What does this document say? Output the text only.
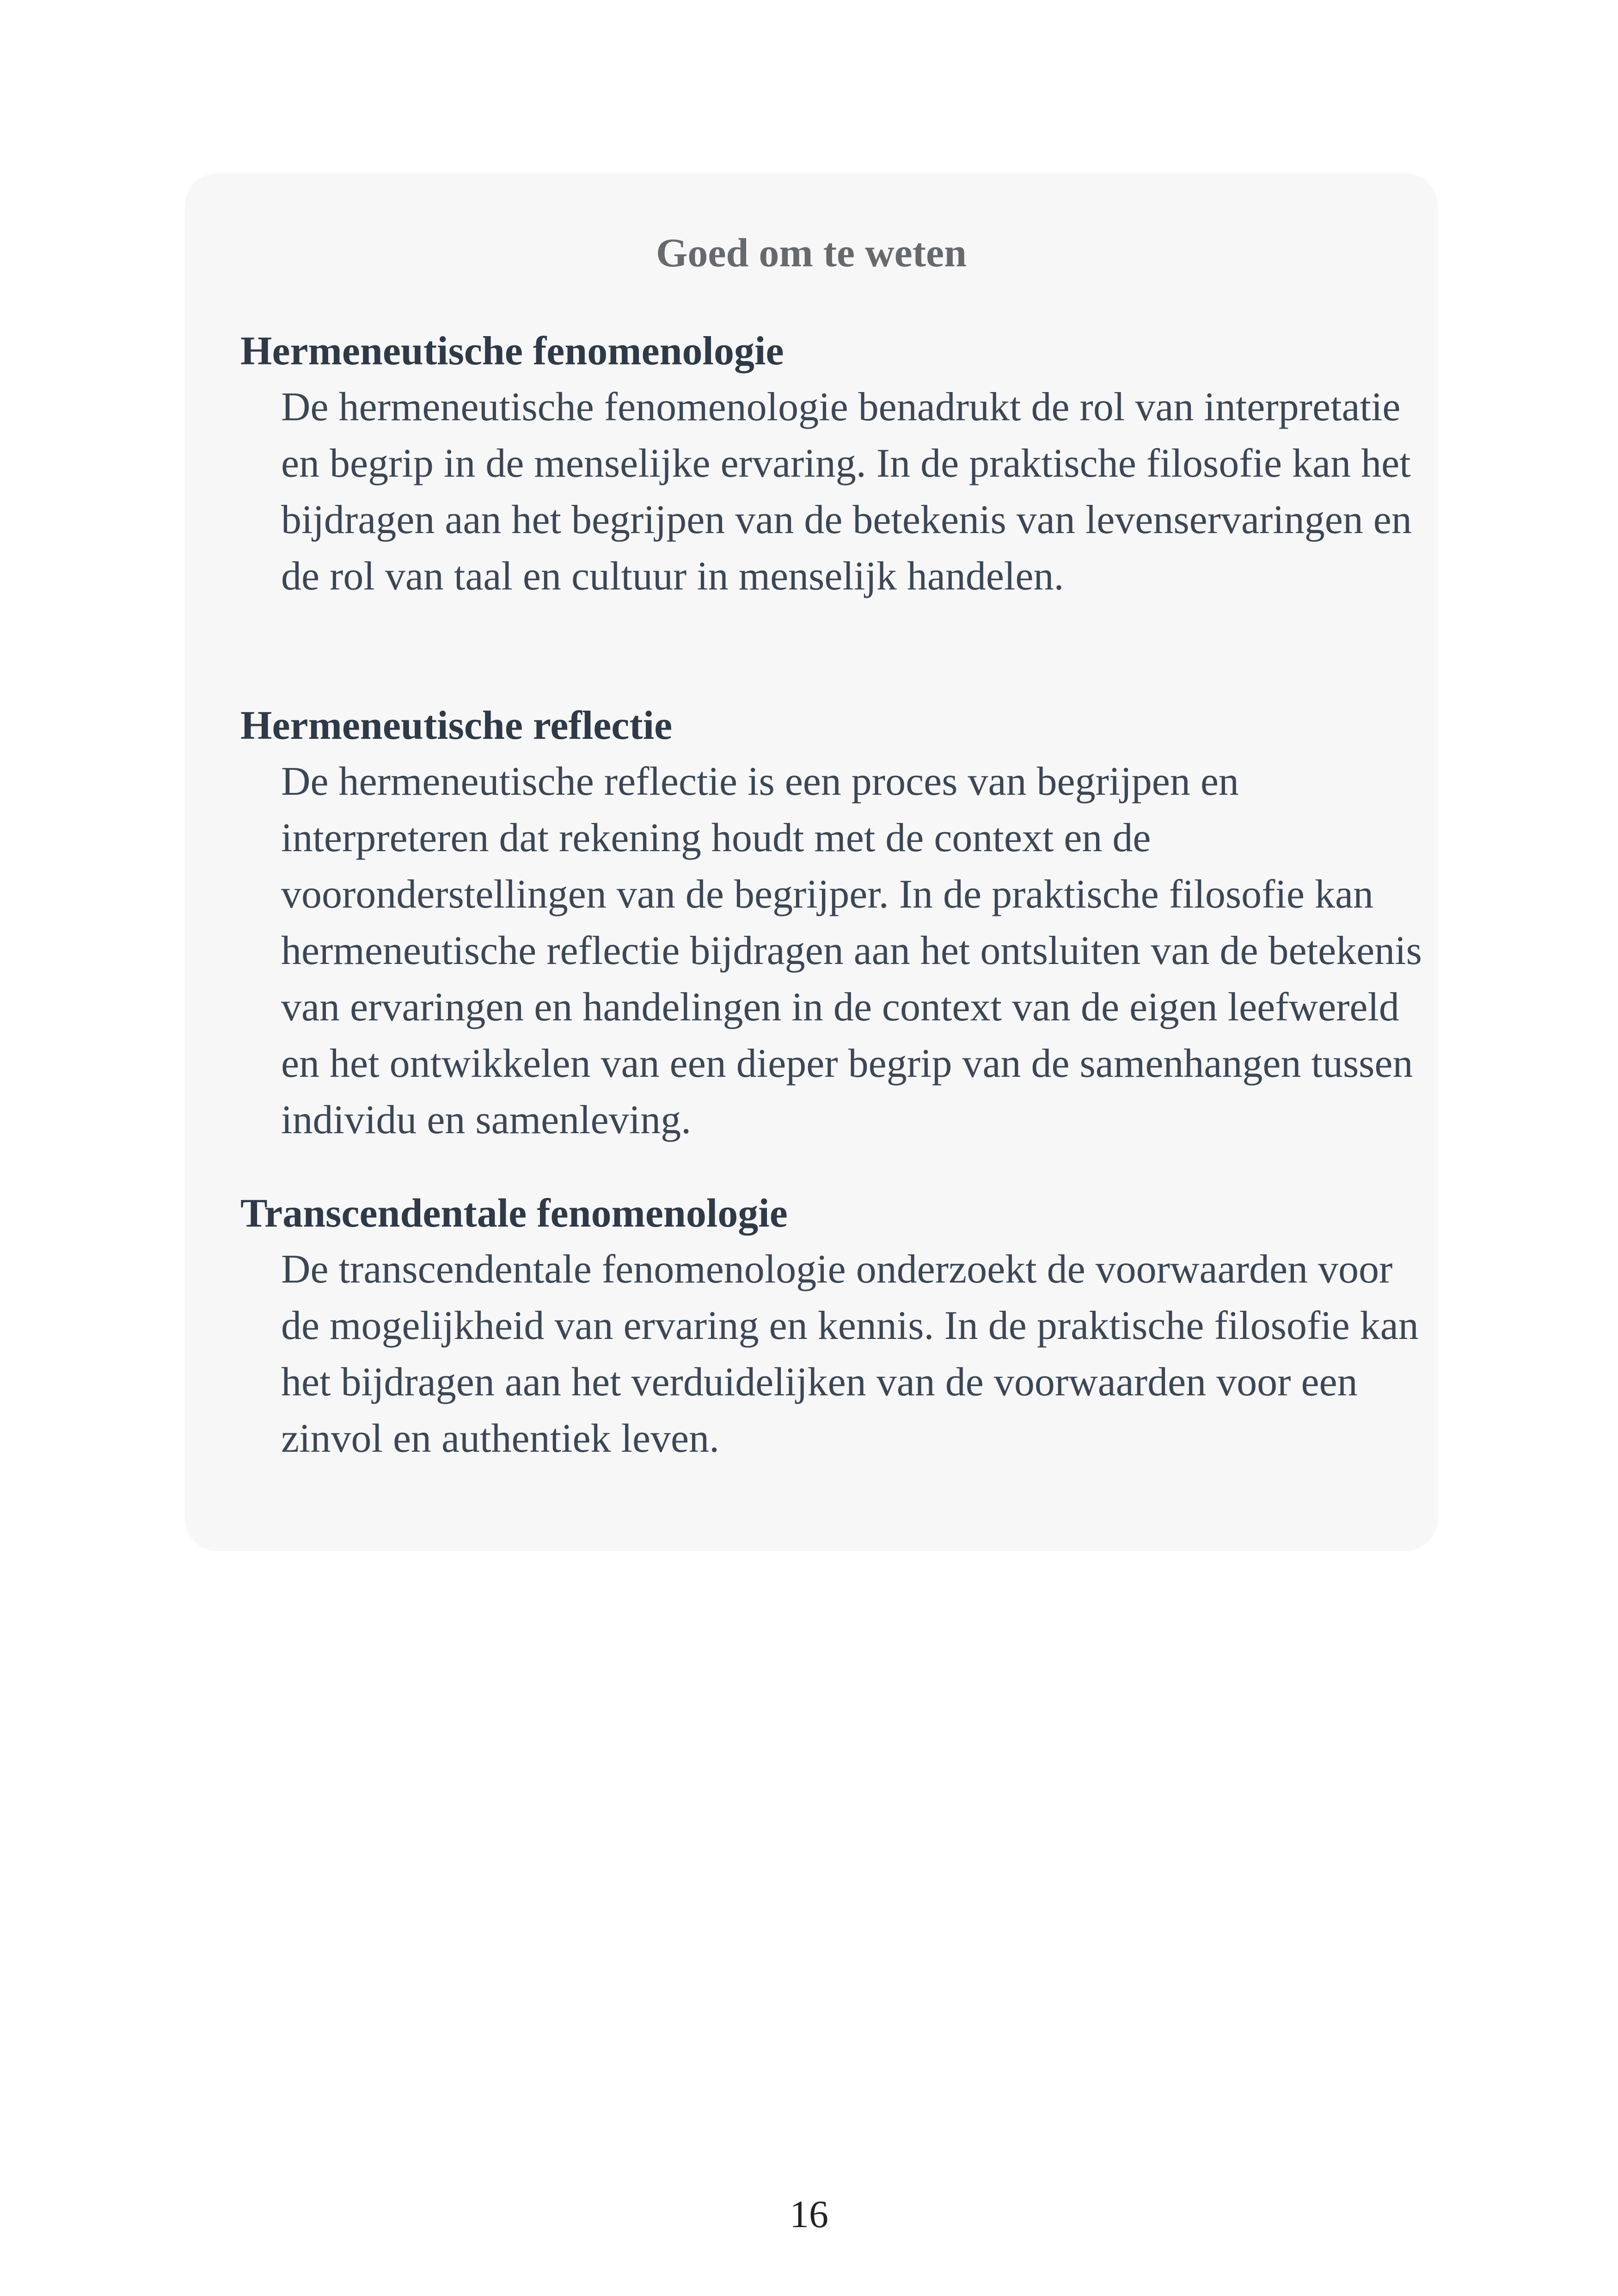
Goed om te weten
Hermeneutische fenomenologie
De hermeneutische fenomenologie benadrukt de rol van interpretatie en begrip in de menselijke ervaring. In de praktische filosofie kan het bijdragen aan het begrijpen van de betekenis van levenservaringen en de rol van taal en cultuur in menselijk handelen.
Hermeneutische reflectie
De hermeneutische reflectie is een proces van begrijpen en interpreteren dat rekening houdt met de context en de vooronderstellingen van de begrijper. In de praktische filosofie kan hermeneutische reflectie bijdragen aan het ontsluiten van de betekenis van ervaringen en handelingen in de context van de eigen leefwereld en het ontwikkelen van een dieper begrip van de samenhangen tussen individu en samenleving.
Transcendentale fenomenologie
De transcendentale fenomenologie onderzoekt de voorwaarden voor de mogelijkheid van ervaring en kennis. In de praktische filosofie kan het bijdragen aan het verduidelijken van de voorwaarden voor een zinvol en authentiek leven.
16
